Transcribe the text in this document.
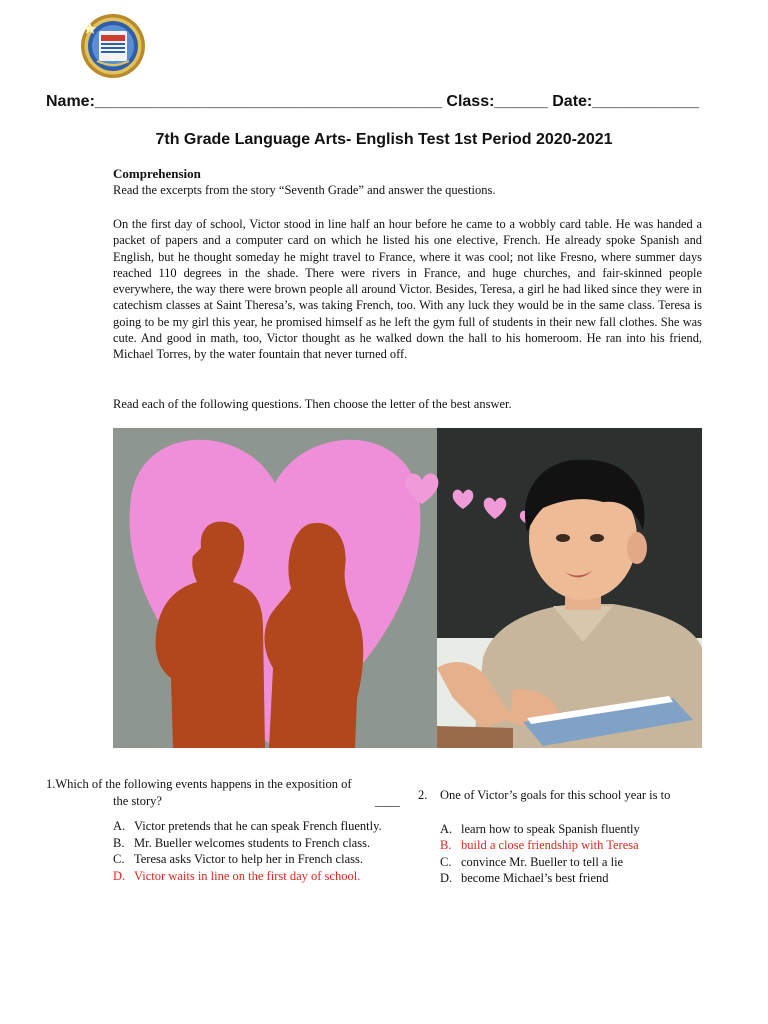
Name:_______________________________________ Class:______ Date:____________
7th Grade Language Arts- English Test 1st Period 2020-2021
Comprehension
Read the excerpts from the story “Seventh Grade” and answer the questions.

On the first day of school, Victor stood in line half an hour before he came to a wobbly card table. He was handed a packet of papers and a computer card on which he listed his one elective, French. He already spoke Spanish and English, but he thought someday he might travel to France, where it was cool; not like Fresno, where summer days reached 110 degrees in the shade. There were rivers in France, and huge churches, and fair-skinned people everywhere, the way there were brown people all around Victor. Besides, Teresa, a girl he had liked since they were in catechism classes at Saint Theresa’s, was taking French, too. With any luck they would be in the same class. Teresa is going to be my girl this year, he promised himself as he left the gym full of students in their new fall clothes. She was cute. And good in math, too, Victor thought as he walked down the hall to his homeroom. He ran into his friend, Michael Torres, by the water fountain that never turned off.

Read each of the following questions. Then choose the letter of the best answer.

1.Which of the following events happens in the exposition of
the story?	____
A. Victor pretends that he can speak French fluently.
B. Mr. Bueller welcomes students to French class.
C. Teresa asks Victor to help her in French class.
D. Victor waits in line on the first day of school.

2. One of Victor’s goals for this school year is to

A. learn how to speak Spanish fluently
B. build a close friendship with Teresa
C. convince Mr. Bueller to tell a lie
D. become Michael’s best friend
